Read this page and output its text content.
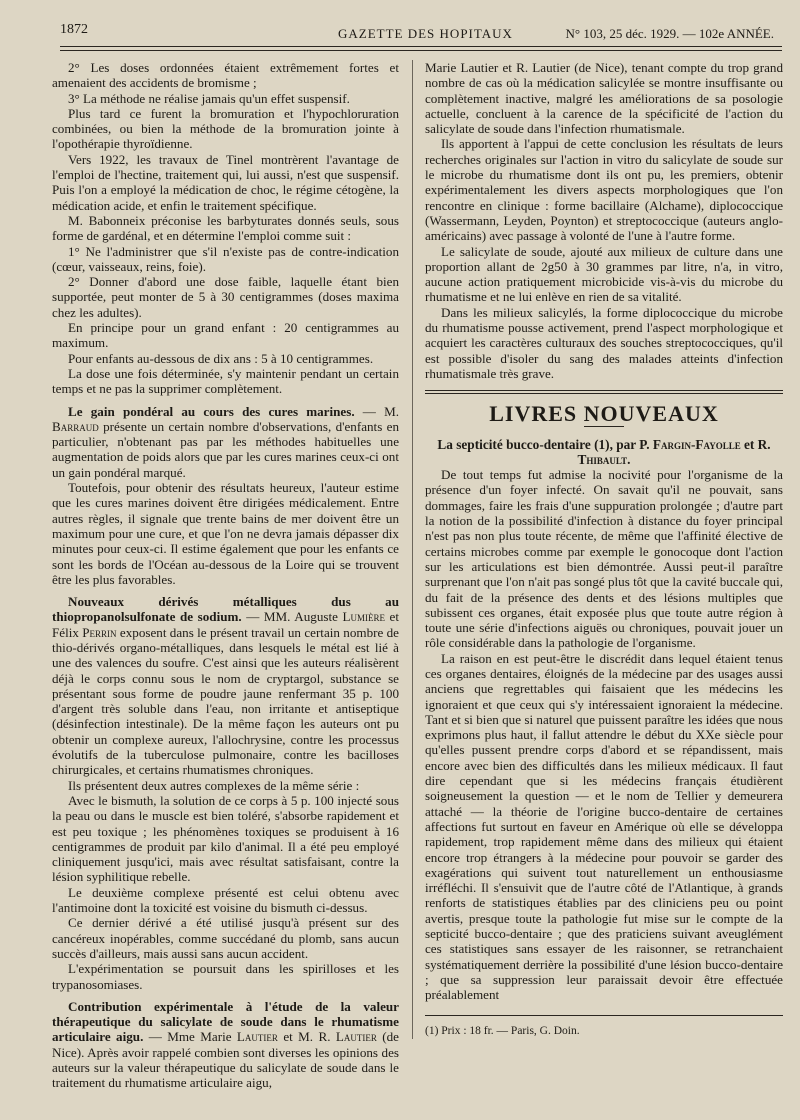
1872	GAZETTE DES HOPITAUX	N° 103, 25 déc. 1929. — 102e ANNÉE.

2° Les doses ordonnées étaient extrêmement fortes et amenaient des accidents de bromisme ;

3° La méthode ne réalise jamais qu'un effet suspensif.

Plus tard ce furent la bromuration et l'hypochloruration combinées, ou bien la méthode de la bromuration jointe à l'opothérapie thyroïdienne.

Vers 1922, les travaux de Tinel montrèrent l'avantage de l'emploi de l'hectine, traitement qui, lui aussi, n'est que suspensif. Puis l'on a employé la médication de choc, le régime cétogène, la médication acide, et enfin le traitement spécifique.

M. Babonneix préconise les barbyturates donnés seuls, sous forme de gardénal, et en détermine l'emploi comme suit :

1° Ne l'administrer que s'il n'existe pas de contre-indication (cœur, vaisseaux, reins, foie).

2° Donner d'abord une dose faible, laquelle étant bien supportée, peut monter de 5 à 30 centigrammes (doses maxima chez les adultes).

En principe pour un grand enfant : 20 centigrammes au maximum.

Pour enfants au-dessous de dix ans : 5 à 10 centigrammes.

La dose une fois déterminée, s'y maintenir pendant un certain temps et ne pas la supprimer complètement.

Le gain pondéral au cours des cures marines. — M. Barraud présente un certain nombre d'observations, d'enfants en particulier, n'obtenant pas par les méthodes habituelles une augmentation de poids alors que par les cures marines ceux-ci ont un gain pondéral marqué.

Toutefois, pour obtenir des résultats heureux, l'auteur estime que les cures marines doivent être dirigées médicalement. Entre autres règles, il signale que trente bains de mer doivent être un maximum pour une cure, et que l'on ne devra jamais dépasser dix minutes pour ceux-ci. Il estime également que pour les enfants ce sont les bords de l'Océan au-dessous de la Loire qui se trouvent être les plus favorables.

Nouveaux dérivés métalliques dus au thiopropanolsulfonate de sodium. — MM. Auguste Lumière et Félix Perrin exposent dans le présent travail un certain nombre de thio-dérivés organo-métalliques, dans lesquels le métal est lié à une des valences du soufre. C'est ainsi que les auteurs réalisèrent déjà le corps connu sous le nom de cryptargol, substance se présentant sous forme de poudre jaune renfermant 35 p. 100 d'argent très soluble dans l'eau, non irritante et antiseptique (désinfection intestinale). De la même façon les auteurs ont pu obtenir un complexe aureux, l'allochrysine, contre les processus évolutifs de la tuberculose pulmonaire, contre les bacilloses chirurgicales, et certains rhumatismes chroniques.

Ils présentent deux autres complexes de la même série :

Avec le bismuth, la solution de ce corps à 5 p. 100 injecté sous la peau ou dans le muscle est bien toléré, s'absorbe rapidement et est peu toxique ; les phénomènes toxiques se produisent à 16 centigrammes de produit par kilo d'animal. Il a été peu employé cliniquement jusqu'ici, mais avec résultat satisfaisant, contre la lésion syphilitique rebelle.

Le deuxième complexe présenté est celui obtenu avec l'antimoine dont la toxicité est voisine du bismuth ci-dessus.

Ce dernier dérivé a été utilisé jusqu'à présent sur des cancéreux inopérables, comme succédané du plomb, sans aucun succès d'ailleurs, mais aussi sans aucun accident.

L'expérimentation se poursuit dans les spirilloses et les trypanosomiases.

Contribution expérimentale à l'étude de la valeur thérapeutique du salicylate de soude dans le rhumatisme articulaire aigu. — Mme Marie Lautier et M. R. Lautier (de Nice). Après avoir rappelé combien sont diverses les opinions des auteurs sur la valeur thérapeutique du salicylate de soude dans le traitement du rhumatisme articulaire aigu,

Marie Lautier et R. Lautier (de Nice), tenant compte du trop grand nombre de cas où la médication salicylée se montre insuffisante ou complètement inactive, malgré les améliorations de sa posologie actuelle, concluent à la carence de la spécificité de l'action du salicylate de soude dans l'infection rhumatismale.

Ils apportent à l'appui de cette conclusion les résultats de leurs recherches originales sur l'action in vitro du salicylate de soude sur le microbe du rhumatisme dont ils ont pu, les premiers, obtenir expérimentalement les divers aspects morphologiques que l'on rencontre en clinique : forme bacillaire (Alchame), diplococcique (Wassermann, Leyden, Poynton) et streptococcique (auteurs anglo-américains) avec passage à volonté de l'une à l'autre forme.

Le salicylate de soude, ajouté aux milieux de culture dans une proportion allant de 2g50 à 30 grammes par litre, n'a, in vitro, aucune action pratiquement microbicide vis-à-vis du microbe du rhumatisme et ne lui enlève en rien de sa vitalité.

Dans les milieux salicylés, la forme diplococcique du microbe du rhumatisme pousse activement, prend l'aspect morphologique et acquiert les caractères culturaux des souches streptococciques, qu'il est possible d'isoler du sang des malades atteints d'infection rhumatismale très grave.

LIVRES NOUVEAUX

La septicité bucco-dentaire (1), par P. Fargin-Fayolle et R. Thibault.

De tout temps fut admise la nocivité pour l'organisme de la présence d'un foyer infecté. On savait qu'il ne pouvait, sans dommages, faire les frais d'une suppuration prolongée ; d'autre part la notion de la possibilité d'infection à distance du foyer principal n'est pas non plus toute récente, de même que l'affinité élective de certains microbes comme par exemple le gonocoque dont l'action sur les articulations est bien démontrée. Aussi peut-il paraître surprenant que l'on n'ait pas songé plus tôt que la cavité buccale qui, du fait de la présence des dents et des lésions multiples que subissent ces organes, était exposée plus que toute autre région à toute une série d'infections aiguës ou chroniques, pouvait jouer un rôle considérable dans la pathologie de l'organisme.

La raison en est peut-être le discrédit dans lequel étaient tenus ces organes dentaires, éloignés de la médecine par des usages aussi anciens que regrettables qui faisaient que les médecins les ignoraient et que ceux qui s'y intéressaient ignoraient la médecine. Tant et si bien que si naturel que puissent paraître les idées que nous exprimons plus haut, il fallut attendre le début du XXe siècle pour qu'elles pussent prendre corps d'abord et se répandissent, mais encore avec bien des difficultés dans les milieux médicaux. Il faut dire cependant que si les médecins français étudièrent soigneusement la question — et le nom de Tellier y demeurera attaché — la théorie de l'origine bucco-dentaire de certaines affections fut surtout en faveur en Amérique où elle se développa rapidement, trop rapidement même dans des milieux qui étaient encore trop étrangers à la médecine pour pouvoir se garder des exagérations qui suivent tout naturellement un enthousiasme irréfléchi. Il s'ensuivit que de l'autre côté de l'Atlantique, à grands renforts de statistiques établies par des cliniciens peu ou point avertis, presque toute la pathologie fut mise sur le compte de la septicité bucco-dentaire ; que des praticiens suivant aveuglément ces statistiques sans essayer de les raisonner, se retranchaient systématiquement derrière la possibilité d'une lésion bucco-dentaire ; que sa suppression leur paraissait devoir être effectuée préalablement

(1) Prix : 18 fr. — Paris, G. Doin.
